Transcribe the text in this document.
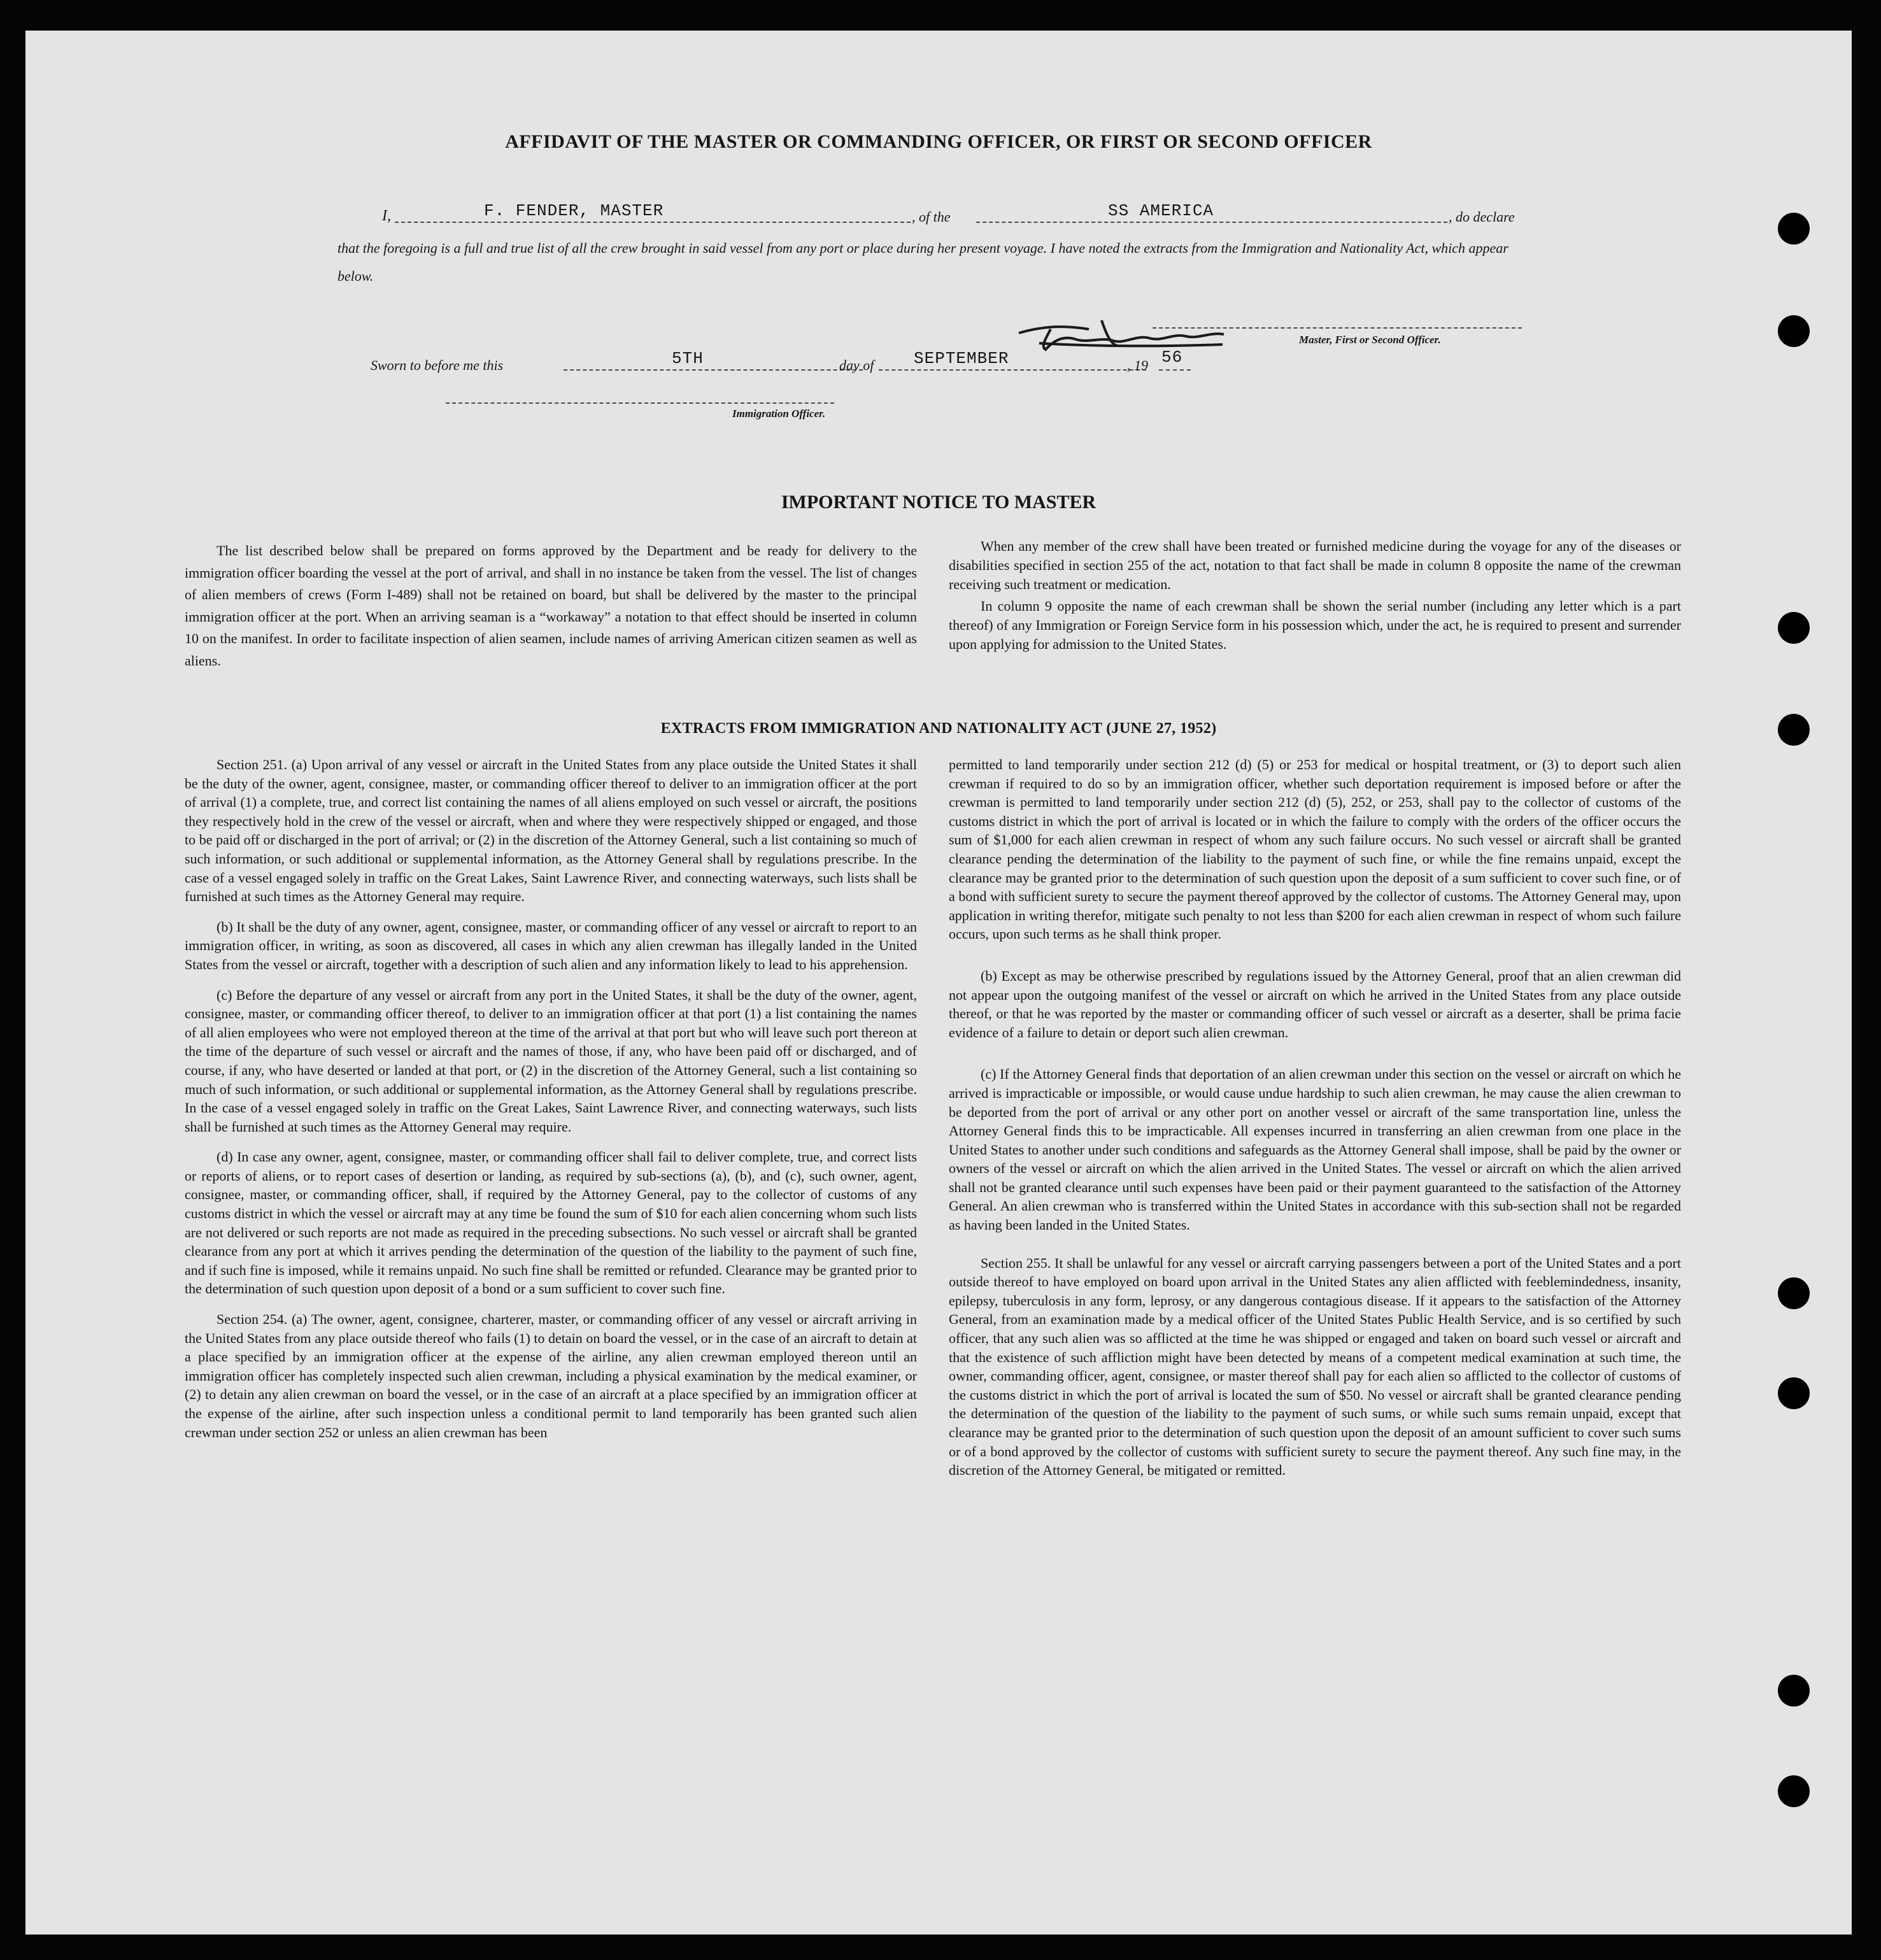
AFFIDAVIT OF THE MASTER OR COMMANDING OFFICER, OR FIRST OR SECOND OFFICER
I,	F. FENDER, MASTER	, of the	SS AMERICA	, do declare
that the foregoing is a full and true list of all the crew brought in said vessel from any port or place during her present voyage. I have noted the extracts from the Immigration and Nationality Act, which appear below.
Master, First or Second Officer.
Sworn to before me this	5TH	day of SEPTEMBER	, 19 56
Immigration Officer.
IMPORTANT NOTICE TO MASTER

The list described below shall be prepared on forms approved by the Department and be ready for delivery to the immigration officer boarding the vessel at the port of arrival, and shall in no instance be taken from the vessel. The list of changes of alien members of crews (Form I-489) shall not be retained on board, but shall be delivered by the master to the principal immigration officer at the port. When an arriving seaman is a “workaway” a notation to that effect should be inserted in column 10 on the manifest. In order to facilitate inspection of alien seamen, include names of arriving American citizen seamen as well as aliens.

When any member of the crew shall have been treated or furnished medicine during the voyage for any of the diseases or disabilities specified in section 255 of the act, notation to that fact shall be made in column 8 opposite the name of the crewman receiving such treatment or medication.

In column 9 opposite the name of each crewman shall be shown the serial number (including any letter which is a part thereof) of any Immigration or Foreign Service form in his possession which, under the act, he is required to present and surrender upon applying for admission to the United States.

EXTRACTS FROM IMMIGRATION AND NATIONALITY ACT (JUNE 27, 1952)

Section 251. (a) Upon arrival of any vessel or aircraft in the United States from any place outside the United States it shall be the duty of the owner, agent, consignee, master, or commanding officer thereof to deliver to an immigration officer at the port of arrival (1) a complete, true, and correct list containing the names of all aliens employed on such vessel or aircraft, the positions they respectively hold in the crew of the vessel or aircraft, when and where they were respectively shipped or engaged, and those to be paid off or discharged in the port of arrival; or (2) in the discretion of the Attorney General, such a list containing so much of such information, or such additional or supplemental information, as the Attorney General shall by regulations prescribe. In the case of a vessel engaged solely in traffic on the Great Lakes, Saint Lawrence River, and connecting waterways, such lists shall be furnished at such times as the Attorney General may require.

(b) It shall be the duty of any owner, agent, consignee, master, or commanding officer of any vessel or aircraft to report to an immigration officer, in writing, as soon as discovered, all cases in which any alien crewman has illegally landed in the United States from the vessel or aircraft, together with a description of such alien and any information likely to lead to his apprehension.

(c) Before the departure of any vessel or aircraft from any port in the United States, it shall be the duty of the owner, agent, consignee, master, or commanding officer thereof, to deliver to an immigration officer at that port (1) a list containing the names of all alien employees who were not employed thereon at the time of the arrival at that port but who will leave such port thereon at the time of the departure of such vessel or aircraft and the names of those, if any, who have been paid off or discharged, and of course, if any, who have deserted or landed at that port, or (2) in the discretion of the Attorney General, such a list containing so much of such information, or such additional or supplemental information, as the Attorney General shall by regulations prescribe. In the case of a vessel engaged solely in traffic on the Great Lakes, Saint Lawrence River, and connecting waterways, such lists shall be furnished at such times as the Attorney General may require.

(d) In case any owner, agent, consignee, master, or commanding officer shall fail to deliver complete, true, and correct lists or reports of aliens, or to report cases of desertion or landing, as required by sub-sections (a), (b), and (c), such owner, agent, consignee, master, or commanding officer, shall, if required by the Attorney General, pay to the collector of customs of any customs district in which the vessel or aircraft may at any time be found the sum of $10 for each alien concerning whom such lists are not delivered or such reports are not made as required in the preceding subsections. No such vessel or aircraft shall be granted clearance from any port at which it arrives pending the determination of the question of the liability to the payment of such fine, and if such fine is imposed, while it remains unpaid. No such fine shall be remitted or refunded. Clearance may be granted prior to the determination of such question upon deposit of a bond or a sum sufficient to cover such fine.

Section 254. (a) The owner, agent, consignee, charterer, master, or commanding officer of any vessel or aircraft arriving in the United States from any place outside thereof who fails (1) to detain on board the vessel, or in the case of an aircraft to detain at a place specified by an immigration officer at the expense of the airline, any alien crewman employed thereon until an immigration officer has completely inspected such alien crewman, including a physical examination by the medical examiner, or (2) to detain any alien crewman on board the vessel, or in the case of an aircraft at a place specified by an immigration officer at the expense of the airline, after such inspection unless a conditional permit to land temporarily has been granted such alien crewman under section 252 or unless an alien crewman has been

permitted to land temporarily under section 212 (d) (5) or 253 for medical or hospital treatment, or (3) to deport such alien crewman if required to do so by an immigration officer, whether such deportation requirement is imposed before or after the crewman is permitted to land temporarily under section 212 (d) (5), 252, or 253, shall pay to the collector of customs of the customs district in which the port of arrival is located or in which the failure to comply with the orders of the officer occurs the sum of $1,000 for each alien crewman in respect of whom any such failure occurs. No such vessel or aircraft shall be granted clearance pending the determination of the liability to the payment of such fine, or while the fine remains unpaid, except the clearance may be granted prior to the determination of such question upon the deposit of a sum sufficient to cover such fine, or of a bond with sufficient surety to secure the payment thereof approved by the collector of customs. The Attorney General may, upon application in writing therefor, mitigate such penalty to not less than $200 for each alien crewman in respect of whom such failure occurs, upon such terms as he shall think proper.

(b) Except as may be otherwise prescribed by regulations issued by the Attorney General, proof that an alien crewman did not appear upon the outgoing manifest of the vessel or aircraft on which he arrived in the United States from any place outside thereof, or that he was reported by the master or commanding officer of such vessel or aircraft as a deserter, shall be prima facie evidence of a failure to detain or deport such alien crewman.

(c) If the Attorney General finds that deportation of an alien crewman under this section on the vessel or aircraft on which he arrived is impracticable or impossible, or would cause undue hardship to such alien crewman, he may cause the alien crewman to be deported from the port of arrival or any other port on another vessel or aircraft of the same transportation line, unless the Attorney General finds this to be impracticable. All expenses incurred in transferring an alien crewman from one place in the United States to another under such conditions and safeguards as the Attorney General shall impose, shall be paid by the owner or owners of the vessel or aircraft on which the alien arrived in the United States. The vessel or aircraft on which the alien arrived shall not be granted clearance until such expenses have been paid or their payment guaranteed to the satisfaction of the Attorney General. An alien crewman who is transferred within the United States in accordance with this sub-section shall not be regarded as having been landed in the United States.

Section 255. It shall be unlawful for any vessel or aircraft carrying passengers between a port of the United States and a port outside thereof to have employed on board upon arrival in the United States any alien afflicted with feeblemindedness, insanity, epilepsy, tuberculosis in any form, leprosy, or any dangerous contagious disease. If it appears to the satisfaction of the Attorney General, from an examination made by a medical officer of the United States Public Health Service, and is so certified by such officer, that any such alien was so afflicted at the time he was shipped or engaged and taken on board such vessel or aircraft and that the existence of such affliction might have been detected by means of a competent medical examination at such time, the owner, commanding officer, agent, consignee, or master thereof shall pay for each alien so afflicted to the collector of customs of the customs district in which the port of arrival is located the sum of $50. No vessel or aircraft shall be granted clearance pending the determination of the question of the liability to the payment of such sums, or while such sums remain unpaid, except that clearance may be granted prior to the determination of such question upon the deposit of an amount sufficient to cover such sums or of a bond approved by the collector of customs with sufficient surety to secure the payment thereof. Any such fine may, in the discretion of the Attorney General, be mitigated or remitted.
